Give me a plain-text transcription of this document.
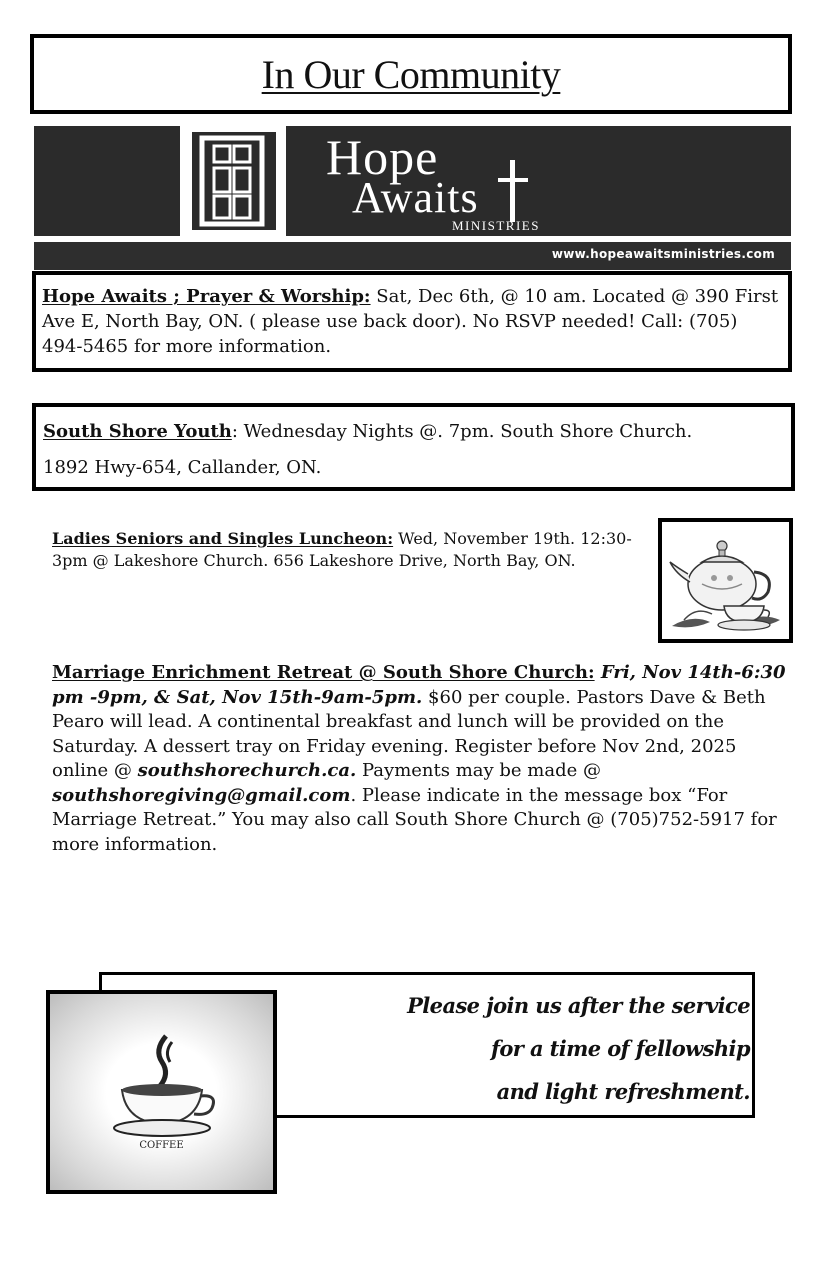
In Our Community
Hope
Awaits
MINISTRIES
www.hopeawaitsministries.com
Hope Awaits ; Prayer & Worship: Sat, Dec 6th, @ 10 am. Located @ 390 First Ave E, North Bay, ON. ( please use back door). No RSVP needed! Call: (705) 494-5465 for more information.
South Shore Youth: Wednesday Nights @. 7pm. South Shore Church.
1892 Hwy-654, Callander, ON.
Ladies Seniors and Singles Luncheon: Wed, November 19th. 12:30-3pm @ Lakeshore Church. 656 Lakeshore Drive, North Bay, ON.
Marriage Enrichment Retreat @ South Shore Church: Fri, Nov 14th-6:30 pm -9pm, & Sat, Nov 15th-9am-5pm. $60 per couple. Pastors Dave & Beth Pearo will lead. A continental breakfast and lunch will be provided on the Saturday. A dessert tray on Friday evening. Register before Nov 2nd, 2025 online @ southshorechurch.ca. Payments may be made @ southshoregiving@gmail.com. Please indicate in the message box “For Marriage Retreat.” You may also call South Shore Church @ (705)752-5917 for more information.
Please join us after the service
for a time of fellowship
and light refreshment.
COFFEE
